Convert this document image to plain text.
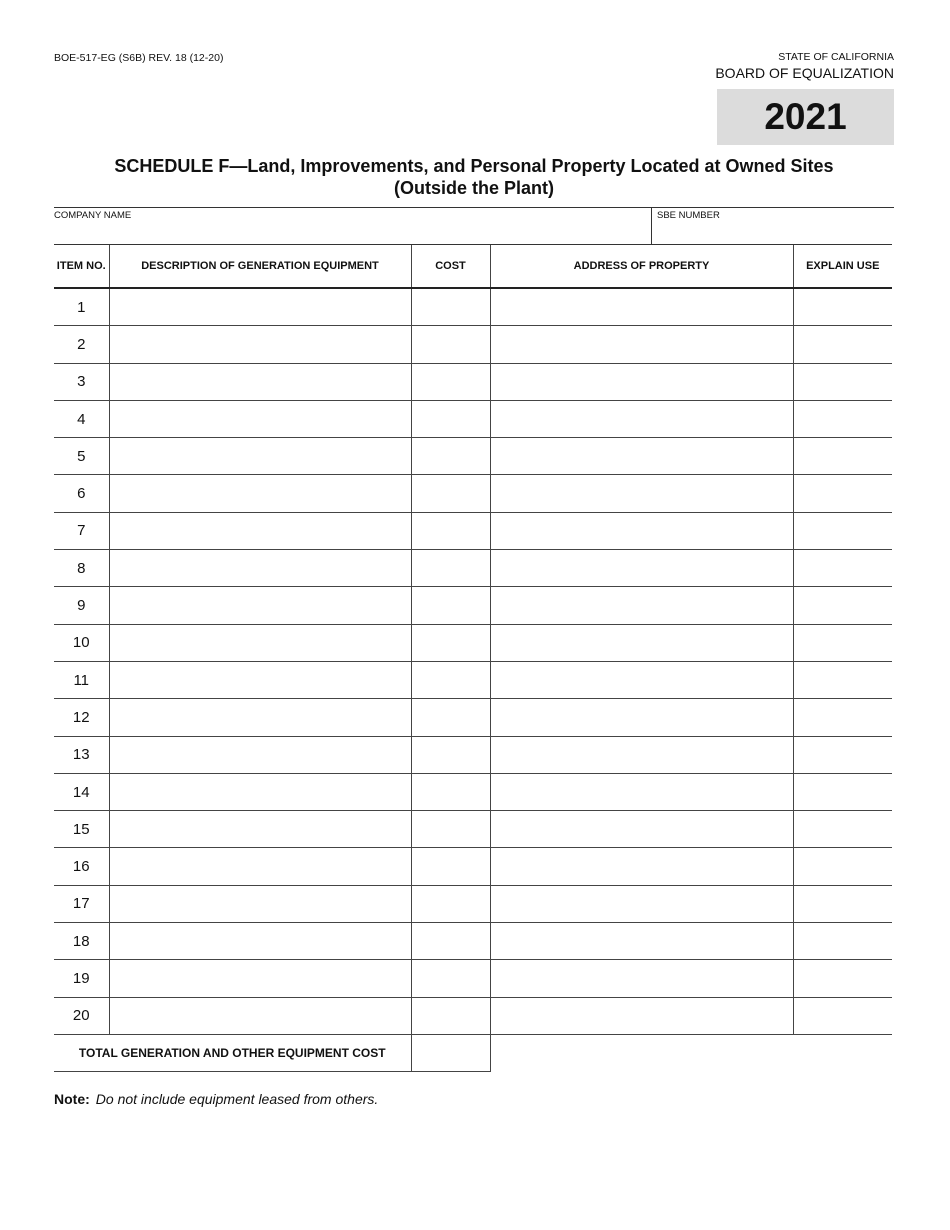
BOE-517-EG (S6B) REV. 18 (12-20)	STATE OF CALIFORNIA
BOARD OF EQUALIZATION
2021
SCHEDULE F—Land, Improvements, and Personal Property Located at Owned Sites
(Outside the Plant)
COMPANY NAME	SBE NUMBER
ITEM NO.	DESCRIPTION OF GENERATION EQUIPMENT	COST	ADDRESS OF PROPERTY	EXPLAIN USE
1				
2				
3				
4				
5				
6				
7				
8				
9				
10				
11				
12				
13				
14				
15				
16				
17				
18				
19				
20				
TOTAL GENERATION AND OTHER EQUIPMENT COST				
Note: Do not include equipment leased from others.
